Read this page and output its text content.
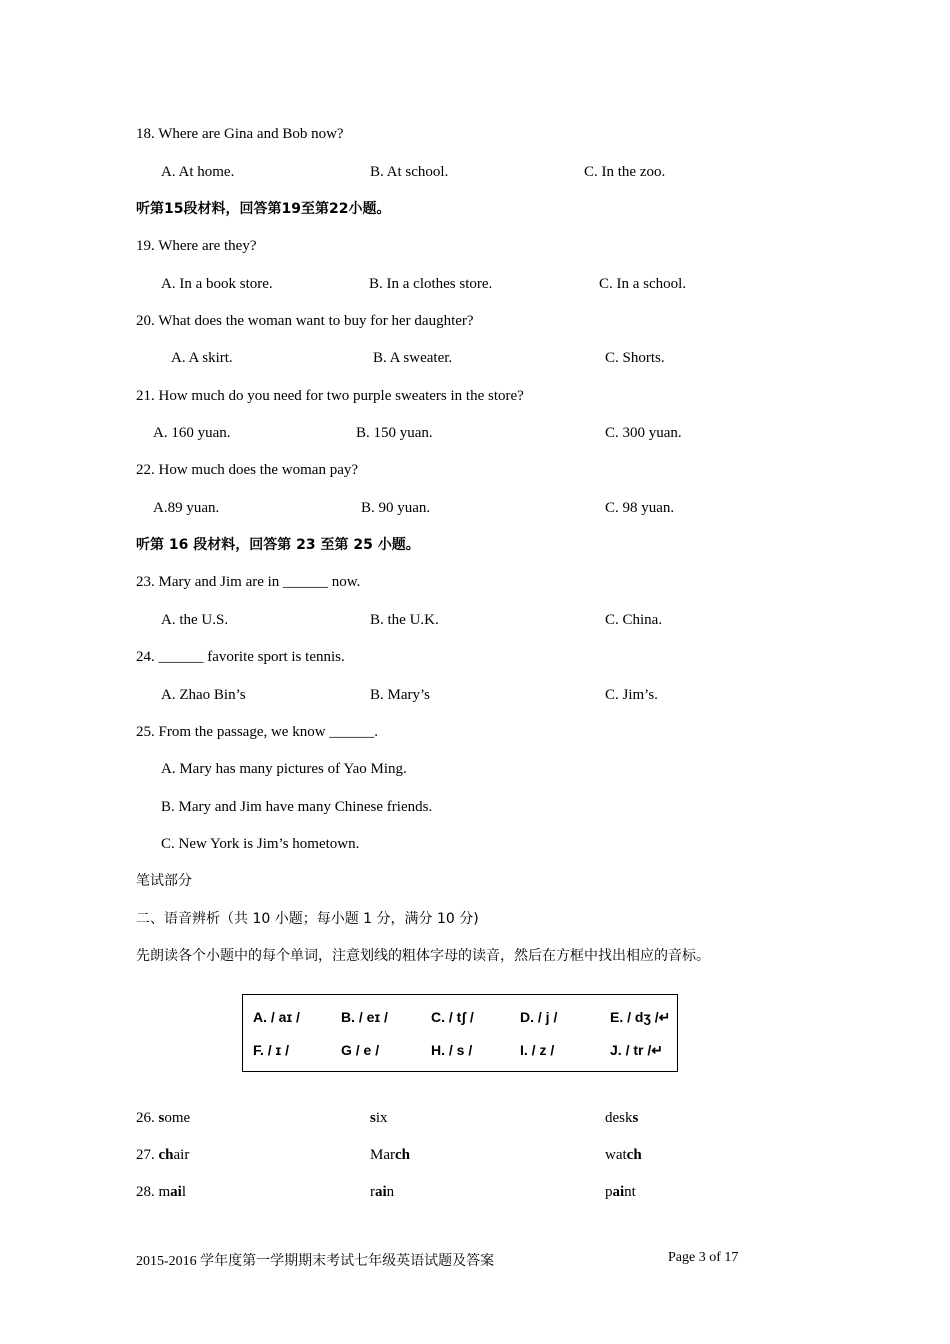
18. Where are Gina and Bob now?
A. At home.	B. At school.	C. In the zoo.
听第15段材料，回答第19至第22小题。
19. Where are they?
A. In a book store.	B. In a clothes store.	C. In a school.
20. What does the woman want to buy for her daughter?
A. A skirt.	B. A sweater.	C. Shorts.
21. How much do you need for two purple sweaters in the store?
A. 160 yuan.	B. 150 yuan.	C. 300 yuan.
22. How much does the woman pay?
A.89 yuan.	B. 90 yuan.	C. 98 yuan.
听第 16 段材料，回答第 23 至第 25 小题。
23. Mary and Jim are in ______ now.
A. the U.S.	B. the U.K.	C. China.
24. ______ favorite sport is tennis.
A. Zhao Bin’s	B. Mary’s	C. Jim’s.
25. From the passage, we know ______.
A. Mary has many pictures of Yao Ming.
B. Mary and Jim have many Chinese friends.
C. New York is Jim’s hometown.
笔试部分
二、语音辨析（共 10 小题；每小题 1 分，满分 10 分)
先朗读各个小题中的每个单词，注意划线的粗体字母的读音，然后在方框中找出相应的音标。
A. / aɪ /	B. / eɪ /	C. / tʃ /	D. / j /	E. / dʒ /↵
F. / ɪ /	G / e /	H. / s /	I. / z /	J. / tr /↵
26. some	six	desks
27. chair	March	watch
28. mail	rain	paint
2015-2016 学年度第一学期期末考试七年级英语试题及答案	Page 3 of 17
